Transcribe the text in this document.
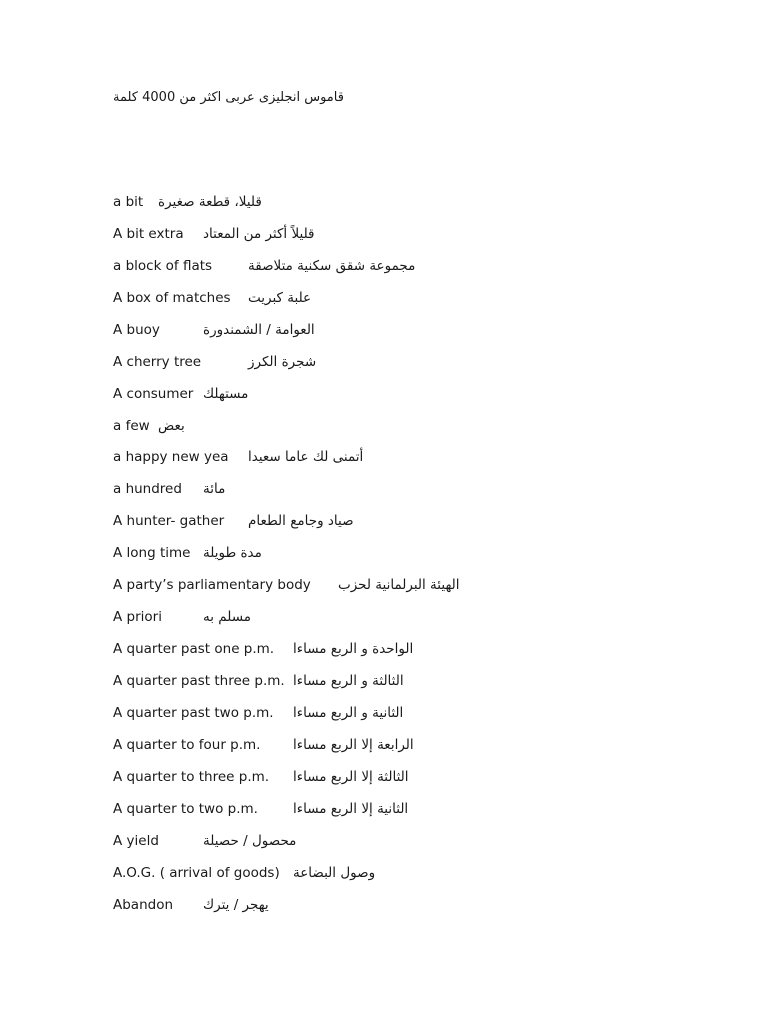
قاموس انجليزى عربى اكثر من 4000 كلمة
a bit	قليلا، قطعة صغيرة
A bit extra	قليلاً أكثر من المعتاد
a block of flats	مجموعة شقق سكنية متلاصقة
A box of matches	علبة كبريت
A buoy	العوامة / الشمندورة
A cherry tree	شجرة الكرز
A consumer مستهلك
a few بعض
a happy new yea	أتمنى لك عاما سعيدا
a hundred	مائة
A hunter- gather	صياد وجامع الطعام
A long time مدة طويلة
A party’s parliamentary body	الهيئة البرلمانية لحزب
A priori	مسلم به
A quarter past one p.m.	الواحدة و الربع مساءا
A quarter past three p.m. الثالثة و الربع مساءا
A quarter past two p.m.	الثانية و الربع مساءا
A quarter to four p.m.	الرابعة إلا الربع مساءا
A quarter to three p.m.	الثالثة إلا الربع مساءا
A quarter to two p.m.	الثانية إلا الربع مساءا
A yield	محصول / حصيلة
A.O.G. ( arrival of goods) وصول البضاعة
Abandon	يهجر / يترك
